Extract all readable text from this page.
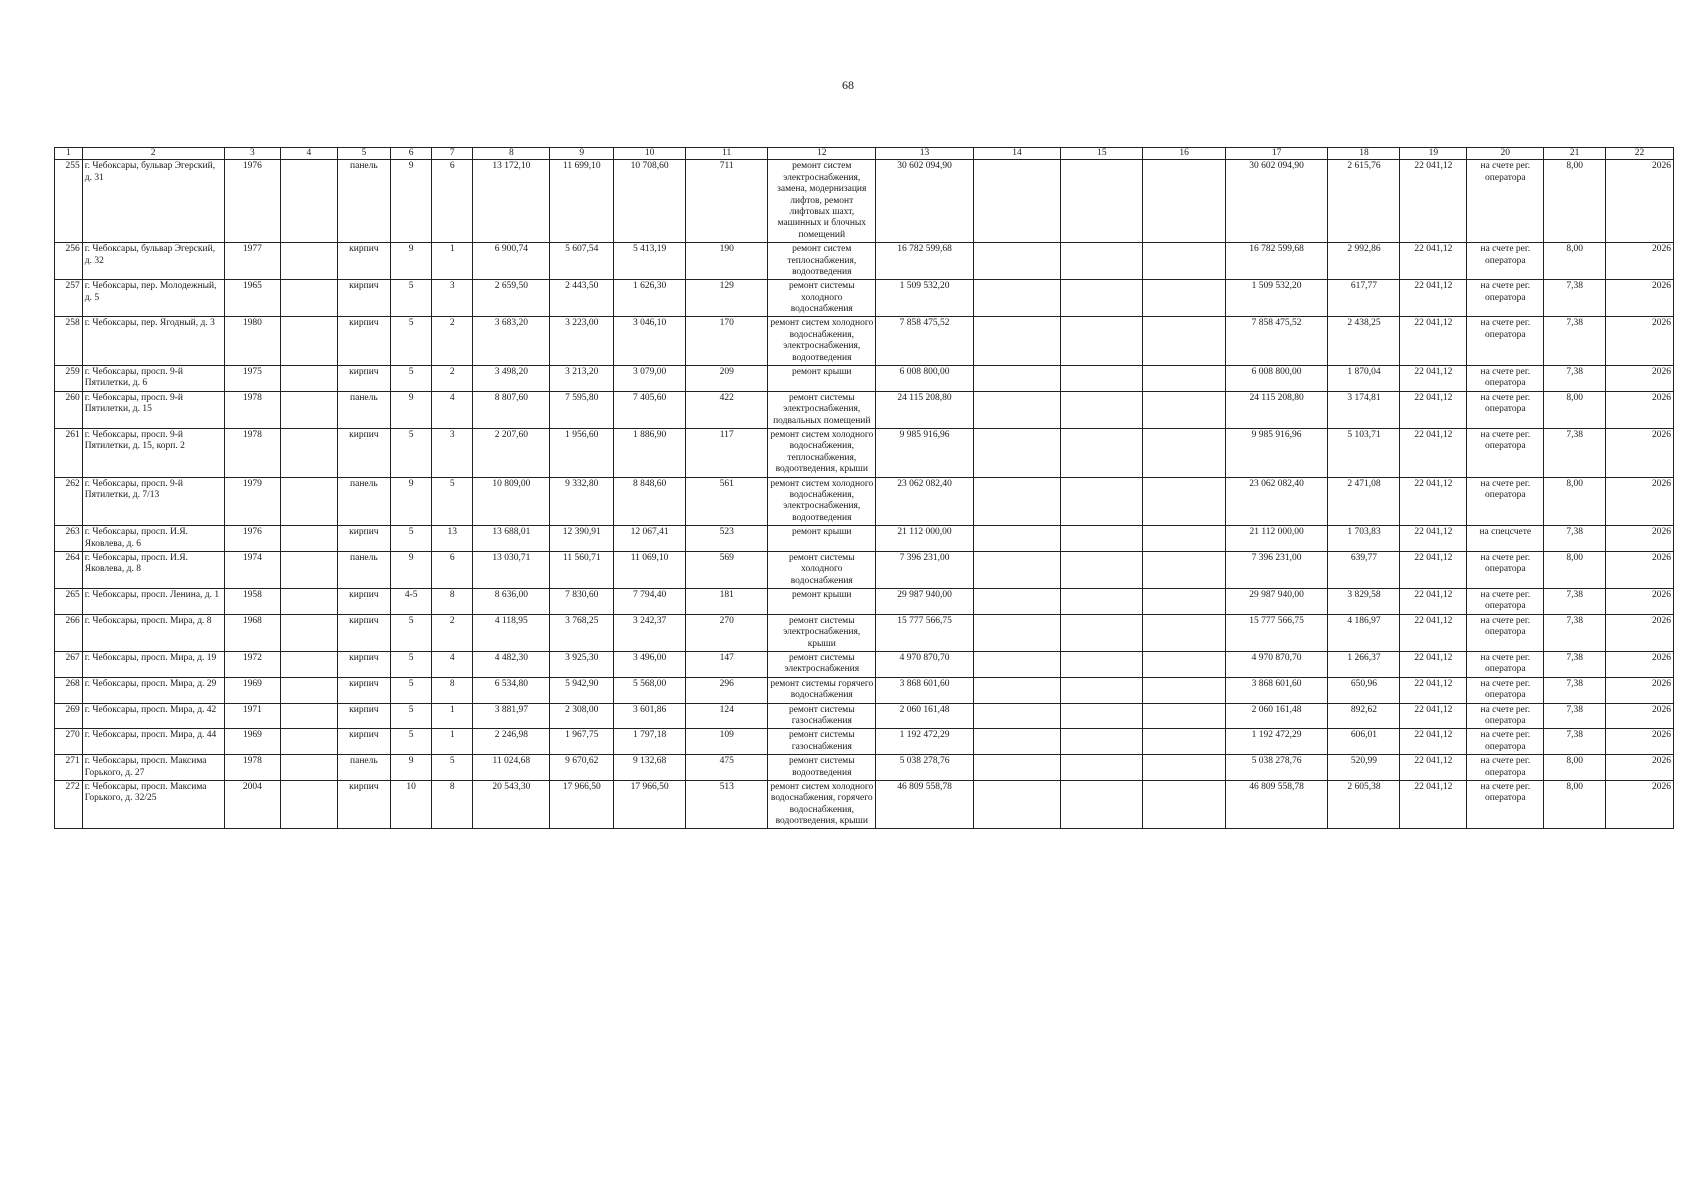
68
1	2	3	4	5	6	7	8	9	10	11	12	13	14	15	16	17	18	19	20	21	22
255	г. Чебоксары, бульвар Эгерский, д. 31	1976		панель	9	6	13 172,10	11 699,10	10 708,60	711	ремонт систем электроснабжения, замена, модернизация лифтов, ремонт лифтовых шахт, машинных и блочных помещений	30 602 094,90				30 602 094,90	2 615,76	22 041,12	на счете рег. оператора	8,00	2026
256	г. Чебоксары, бульвар Эгерский, д. 32	1977		кирпич	9	1	6 900,74	5 607,54	5 413,19	190	ремонт систем теплоснабжения, водоотведения	16 782 599,68				16 782 599,68	2 992,86	22 041,12	на счете рег. оператора	8,00	2026
257	г. Чебоксары, пер. Молодежный, д. 5	1965		кирпич	5	3	2 659,50	2 443,50	1 626,30	129	ремонт системы холодного водоснабжения	1 509 532,20				1 509 532,20	617,77	22 041,12	на счете рег. оператора	7,38	2026
258	г. Чебоксары, пер. Ягодный, д. 3	1980		кирпич	5	2	3 683,20	3 223,00	3 046,10	170	ремонт систем холодного водоснабжения, электроснабжения, водоотведения	7 858 475,52				7 858 475,52	2 438,25	22 041,12	на счете рег. оператора	7,38	2026
259	г. Чебоксары, просп. 9-й Пятилетки, д. 6	1975		кирпич	5	2	3 498,20	3 213,20	3 079,00	209	ремонт крыши	6 008 800,00				6 008 800,00	1 870,04	22 041,12	на счете рег. оператора	7,38	2026
260	г. Чебоксары, просп. 9-й Пятилетки, д. 15	1978		панель	9	4	8 807,60	7 595,80	7 405,60	422	ремонт системы электроснабжения, подвальных помещений	24 115 208,80				24 115 208,80	3 174,81	22 041,12	на счете рег. оператора	8,00	2026
261	г. Чебоксары, просп. 9-й Пятилетки, д. 15, корп. 2	1978		кирпич	5	3	2 207,60	1 956,60	1 886,90	117	ремонт систем холодного водоснабжения, теплоснабжения, водоотведения, крыши	9 985 916,96				9 985 916,96	5 103,71	22 041,12	на счете рег. оператора	7,38	2026
262	г. Чебоксары, просп. 9-й Пятилетки, д. 7/13	1979		панель	9	5	10 809,00	9 332,80	8 848,60	561	ремонт систем холодного водоснабжения, электроснабжения, водоотведения	23 062 082,40				23 062 082,40	2 471,08	22 041,12	на счете рег. оператора	8,00	2026
263	г. Чебоксары, просп. И.Я. Яковлева, д. 6	1976		кирпич	5	13	13 688,01	12 390,91	12 067,41	523	ремонт крыши	21 112 000,00				21 112 000,00	1 703,83	22 041,12	на спецсчете	7,38	2026
264	г. Чебоксары, просп. И.Я. Яковлева, д. 8	1974		панель	9	6	13 030,71	11 560,71	11 069,10	569	ремонт системы холодного водоснабжения	7 396 231,00				7 396 231,00	639,77	22 041,12	на счете рег. оператора	8,00	2026
265	г. Чебоксары, просп. Ленина, д. 1	1958		кирпич	4-5	8	8 636,00	7 830,60	7 794,40	181	ремонт крыши	29 987 940,00				29 987 940,00	3 829,58	22 041,12	на счете рег. оператора	7,38	2026
266	г. Чебоксары, просп. Мира, д. 8	1968		кирпич	5	2	4 118,95	3 768,25	3 242,37	270	ремонт системы электроснабжения, крыши	15 777 566,75				15 777 566,75	4 186,97	22 041,12	на счете рег. оператора	7,38	2026
267	г. Чебоксары, просп. Мира, д. 19	1972		кирпич	5	4	4 482,30	3 925,30	3 496,00	147	ремонт системы электроснабжения	4 970 870,70				4 970 870,70	1 266,37	22 041,12	на счете рег. оператора	7,38	2026
268	г. Чебоксары, просп. Мира, д. 29	1969		кирпич	5	8	6 534,80	5 942,90	5 568,00	296	ремонт системы горячего водоснабжения	3 868 601,60				3 868 601,60	650,96	22 041,12	на счете рег. оператора	7,38	2026
269	г. Чебоксары, просп. Мира, д. 42	1971		кирпич	5	1	3 881,97	2 308,00	3 601,86	124	ремонт системы газоснабжения	2 060 161,48				2 060 161,48	892,62	22 041,12	на счете рег. оператора	7,38	2026
270	г. Чебоксары, просп. Мира, д. 44	1969		кирпич	5	1	2 246,98	1 967,75	1 797,18	109	ремонт системы газоснабжения	1 192 472,29				1 192 472,29	606,01	22 041,12	на счете рег. оператора	7,38	2026
271	г. Чебоксары, просп. Максима Горького, д. 27	1978		панель	9	5	11 024,68	9 670,62	9 132,68	475	ремонт системы водоотведения	5 038 278,76				5 038 278,76	520,99	22 041,12	на счете рег. оператора	8,00	2026
272	г. Чебоксары, просп. Максима Горького, д. 32/25	2004		кирпич	10	8	20 543,30	17 966,50	17 966,50	513	ремонт систем холодного водоснабжения, горячего водоснабжения, водоотведения, крыши	46 809 558,78				46 809 558,78	2 605,38	22 041,12	на счете рег. оператора	8,00	2026
